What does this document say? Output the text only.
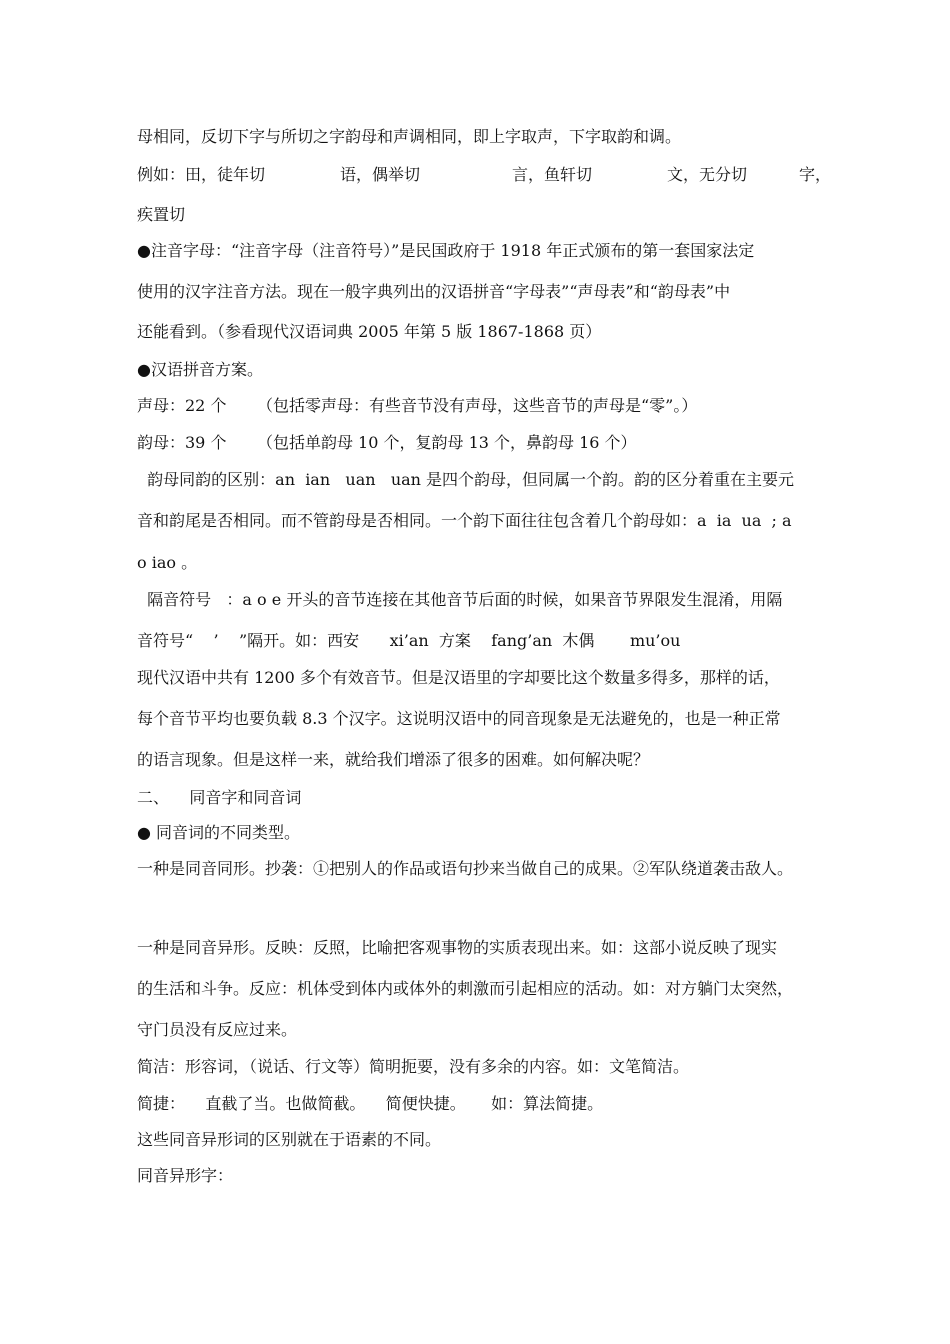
母相同，反切下字与所切之字韵母和声调相同，即上字取声，下字取韵和调。

例如：田，徒年切

	语，偶举切

	言，鱼轩切

	文，无分切

	字，

疾置切
●注音字母：“注音字母（注音符号）”是民国政府于 1918 年正式颁布的第一套国家法定
使用的汉字注音方法。现在一般字典列出的汉语拼音“字母表”“声母表”和“韵母表”中
还能看到。（参看现代汉语词典 2005 年第 5 版 1867-1868 页）
●汉语拼音方案。
声母：22 个      （包括零声母：有些音节没有声母，这些音节的声母是“零”。）
韵母：39 个      （包括单韵母 10 个，复韵母 13 个，鼻韵母 16 个）
韵母同韵的区别：an  ian   uan   uan 是四个韵母，但同属一个韵。韵的区分着重在主要元
音和韵尾是否相同。而不管韵母是否相同。一个韵下面往往包含着几个韵母如：a  ia  ua  ; a
o iao 。
隔音符号   ：a o e 开头的音节连接在其他音节后面的时候，如果音节界限发生混淆，用隔
音符号“    ’    ”隔开。如：西安      xi’an  方案    fang’an  木偶       mu’ou
现代汉语中共有 1200 多个有效音节。但是汉语里的字却要比这个数量多得多，那样的话，
每个音节平均也要负载 8.3 个汉字。这说明汉语中的同音现象是无法避免的，也是一种正常
的语言现象。但是这样一来，就给我们增添了很多的困难。如何解决呢？
二、    同音字和同音词
● 同音词的不同类型。
一种是同音同形。抄袭：①把别人的作品或语句抄来当做自己的成果。②军队绕道袭击敌人。
一种是同音异形。反映：反照，比喻把客观事物的实质表现出来。如：这部小说反映了现实
的生活和斗争。反应：机体受到体内或体外的刺激而引起相应的活动。如：对方躺门太突然，
守门员没有反应过来。
简洁：形容词，（说话、行文等）简明扼要，没有多余的内容。如：文笔简洁。
简捷：    直截了当。也做简截。    简便快捷。     如：算法简捷。
这些同音异形词的区别就在于语素的不同。
同音异形字：
